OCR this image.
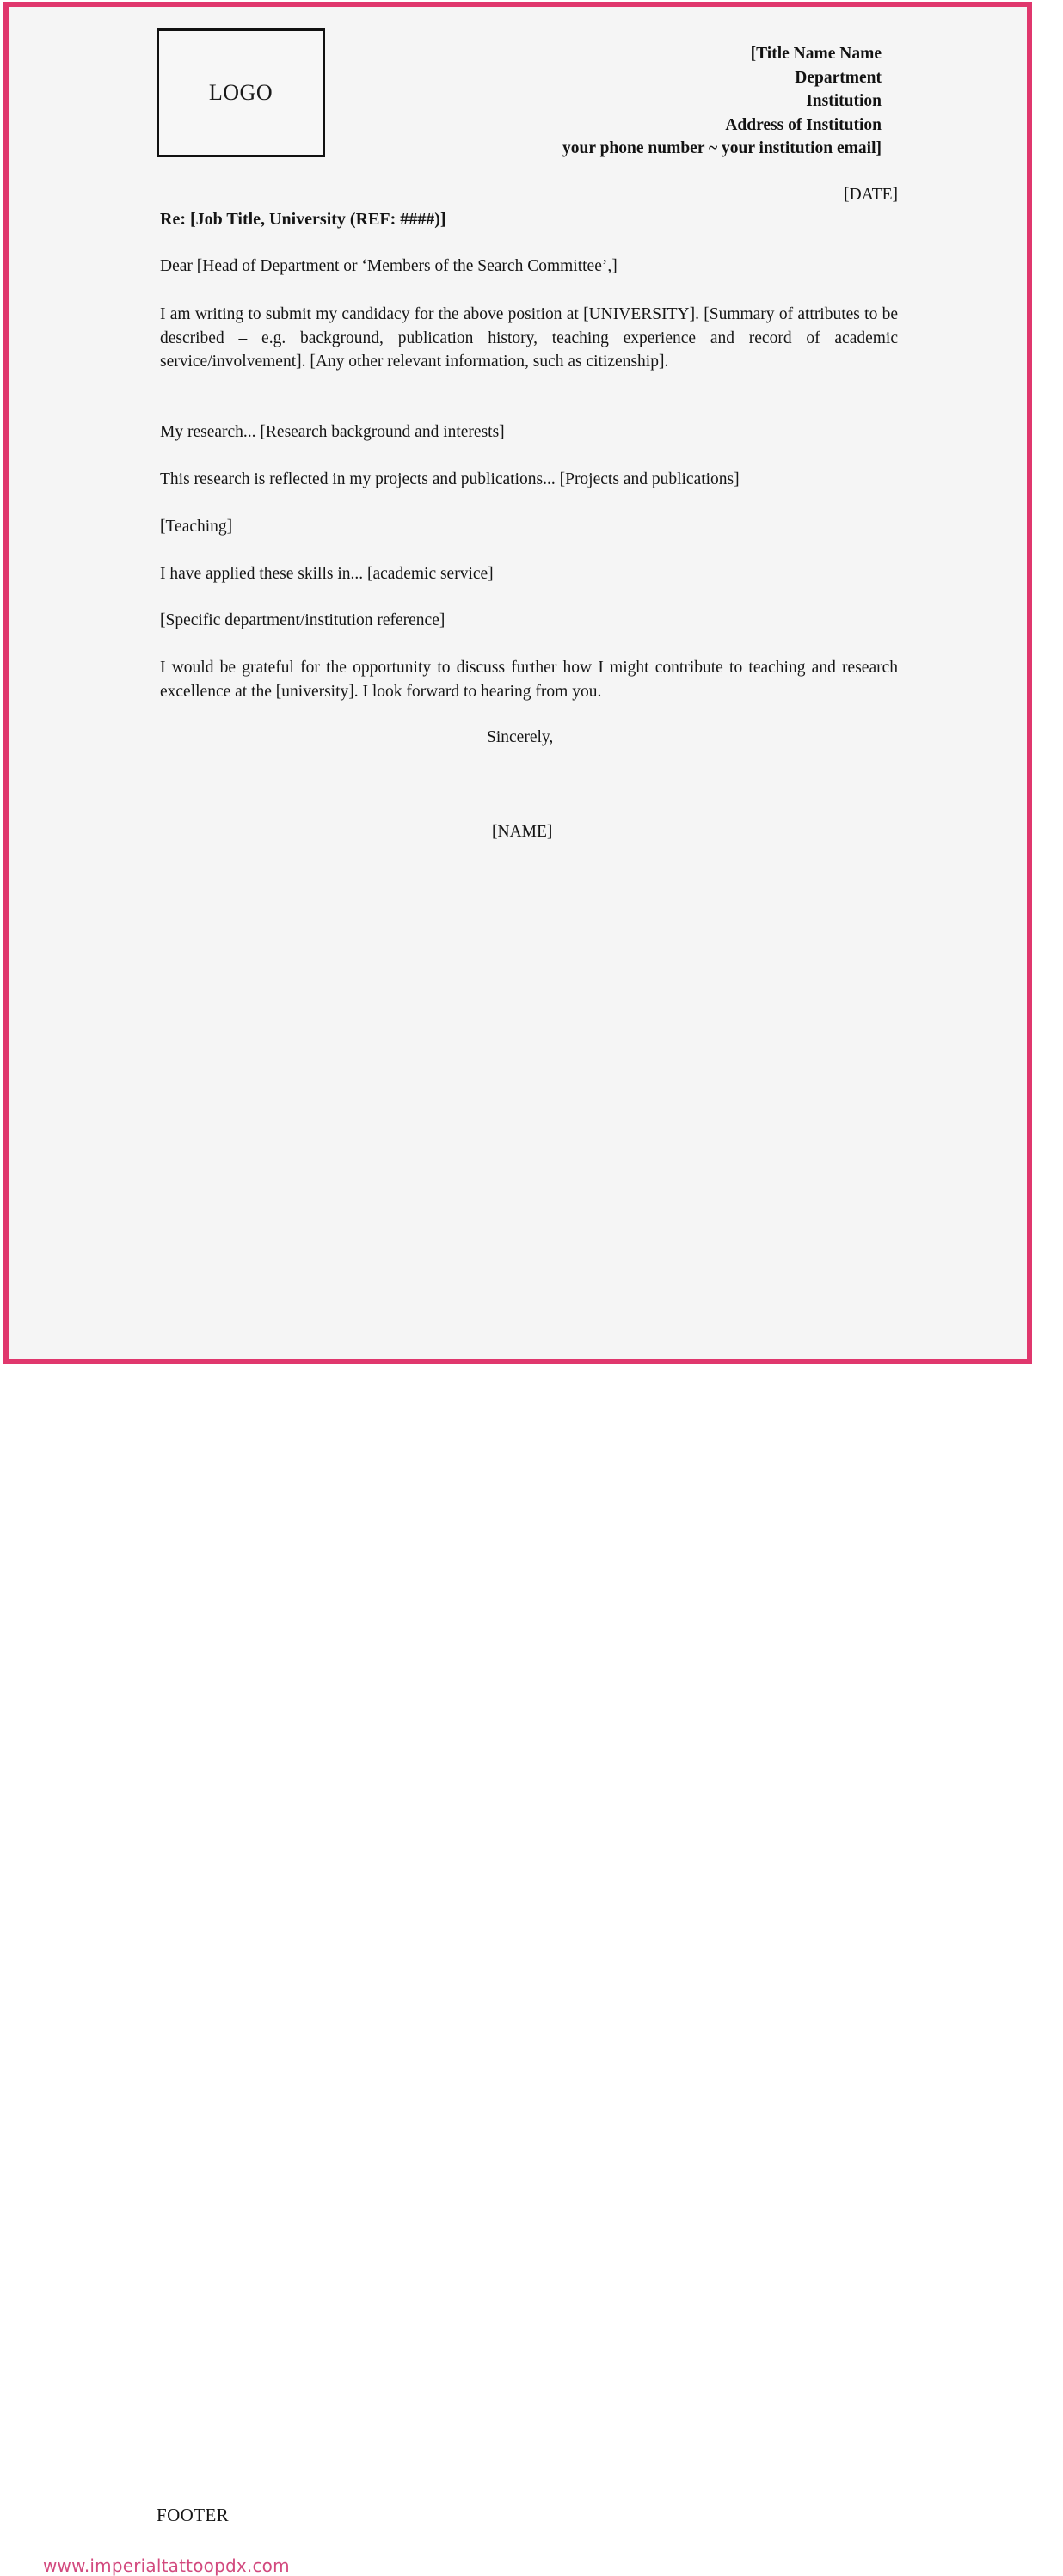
LOGO
[Title Name Name
Department
Institution
Address of Institution
your phone number ~ your institution email]
[DATE]
Re: [Job Title, University (REF: ####)]
Dear [Head of Department or ‘Members of the Search Committee’,]
I am writing to submit my candidacy for the above position at [UNIVERSITY]. [Summary of attributes to be described – e.g. background, publication history, teaching experience and record of academic service/involvement]. [Any other relevant information, such as citizenship].
My research... [Research background and interests]
This research is reflected in my projects and publications... [Projects and publications]
[Teaching]
I have applied these skills in... [academic service]
[Specific department/institution reference]
I would be grateful for the opportunity to discuss further how I might contribute to teaching and research excellence at the [university]. I look forward to hearing from you.
Sincerely,
[NAME]
FOOTER
www.imperialtattoopdx.com
